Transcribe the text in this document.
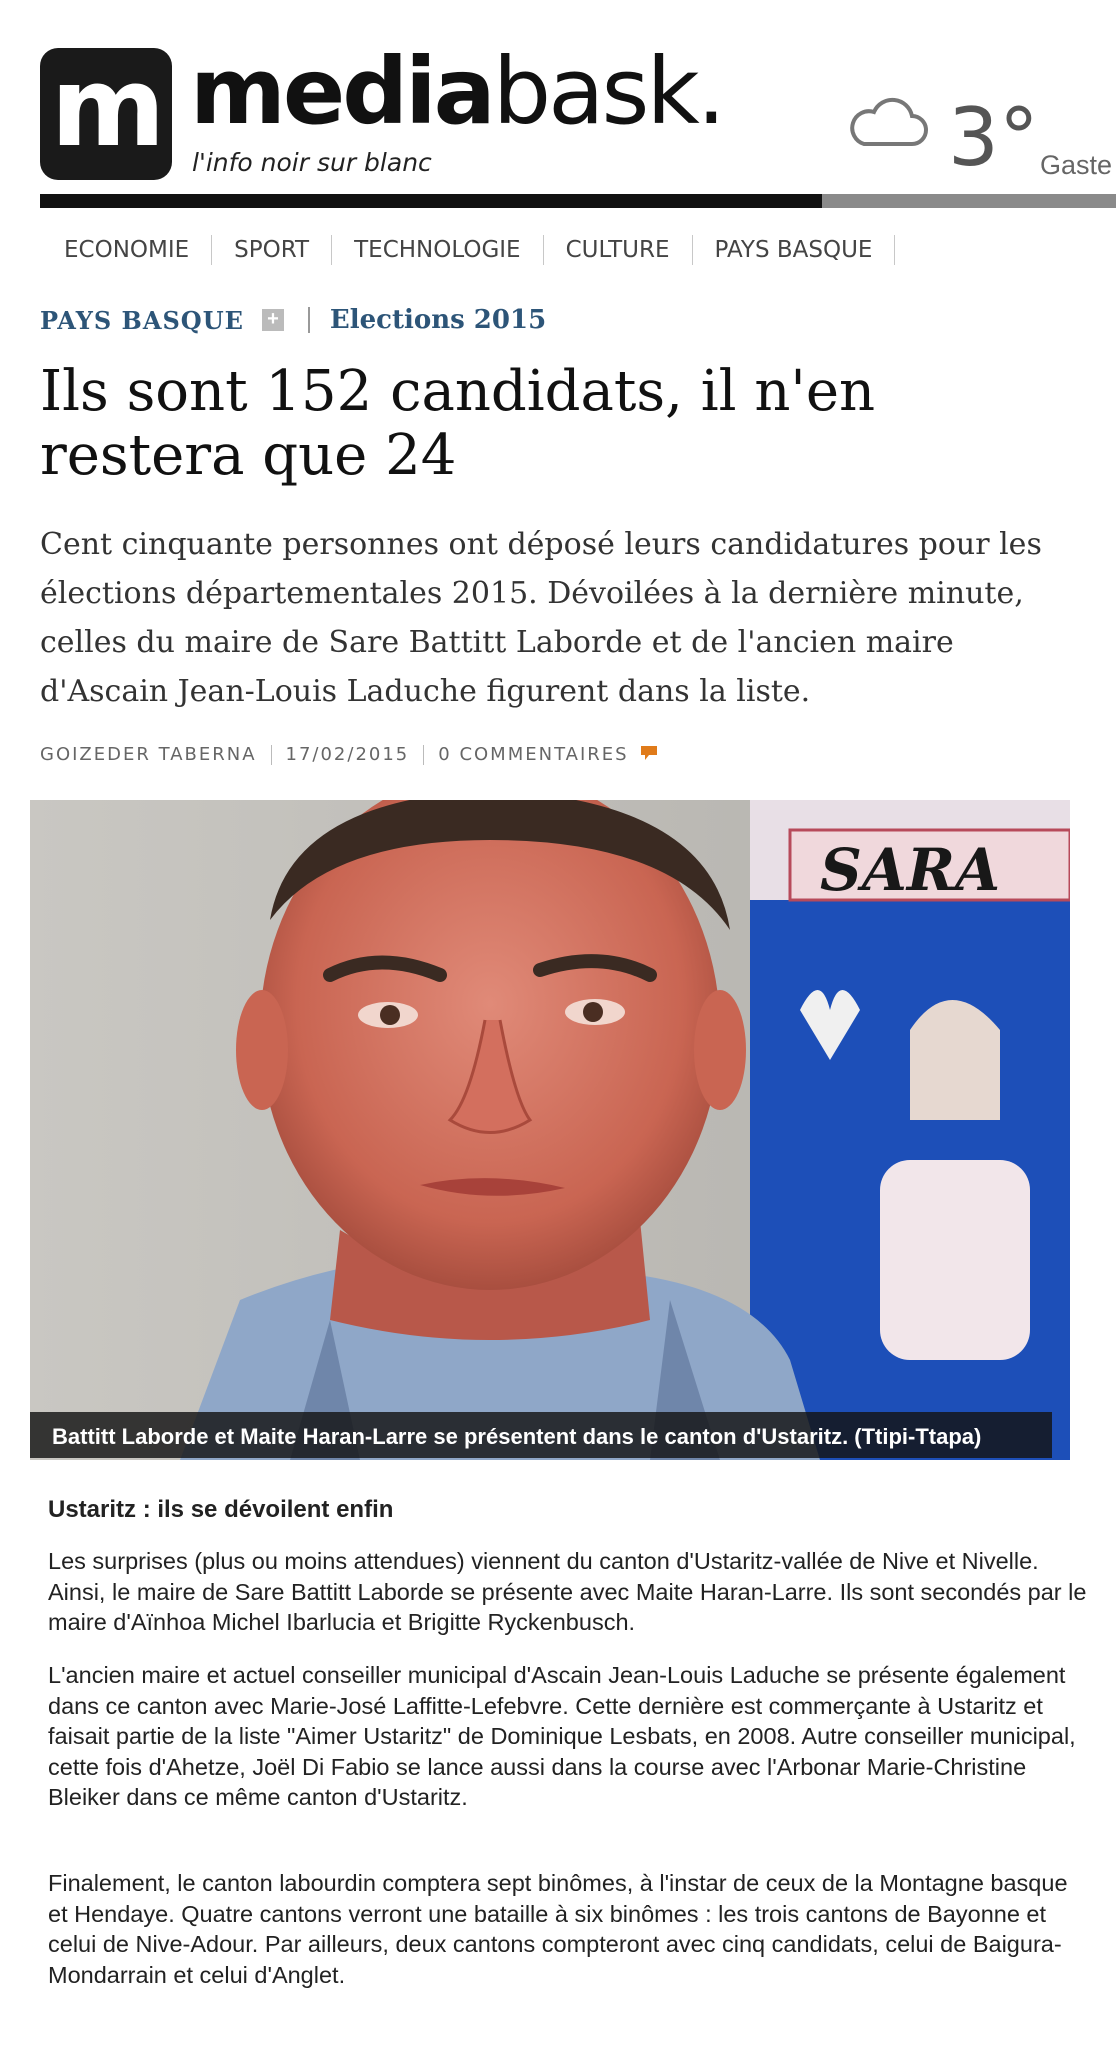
m mediabask.
l'info noir sur blanc	3° Gaste
ECONOMIE	SPORT	TECHNOLOGIE	CULTURE	PAYS BASQUE
PAYS BASQUE + Elections 2015
Ils sont 152 candidats, il n'en restera que 24

Cent cinquante personnes ont déposé leurs candidatures pour les élections départementales 2015. Dévoilées à la dernière minute, celles du maire de Sare Battitt Laborde et de l'ancien maire d'Ascain Jean-Louis Laduche figurent dans la liste.

GOIZEDER TABERNA 17/02/2015 0 COMMENTAIRES
SARA
Battitt Laborde et Maite Haran-Larre se présentent dans le canton d'Ustaritz. (Ttipi-Ttapa)
Ustaritz : ils se dévoilent enfin

Les surprises (plus ou moins attendues) viennent du canton d'Ustaritz-vallée de Nive et Nivelle. Ainsi, le maire de Sare Battitt Laborde se présente avec Maite Haran-Larre. Ils sont secondés par le maire d'Aïnhoa Michel Ibarlucia et Brigitte Ryckenbusch.

L'ancien maire et actuel conseiller municipal d'Ascain Jean-Louis Laduche se présente également dans ce canton avec Marie-José Laffitte-Lefebvre. Cette dernière est commerçante à Ustaritz et faisait partie de la liste "Aimer Ustaritz" de Dominique Lesbats, en 2008. Autre conseiller municipal, cette fois d'Ahetze, Joël Di Fabio se lance aussi dans la course avec l'Arbonar Marie-Christine Bleiker dans ce même canton d'Ustaritz.

Finalement, le canton labourdin comptera sept binômes, à l'instar de ceux de la Montagne basque et Hendaye. Quatre cantons verront une bataille à six binômes : les trois cantons de Bayonne et celui de Nive-Adour. Par ailleurs, deux cantons compteront avec cinq candidats, celui de Baigura-Mondarrain et celui d'Anglet.
